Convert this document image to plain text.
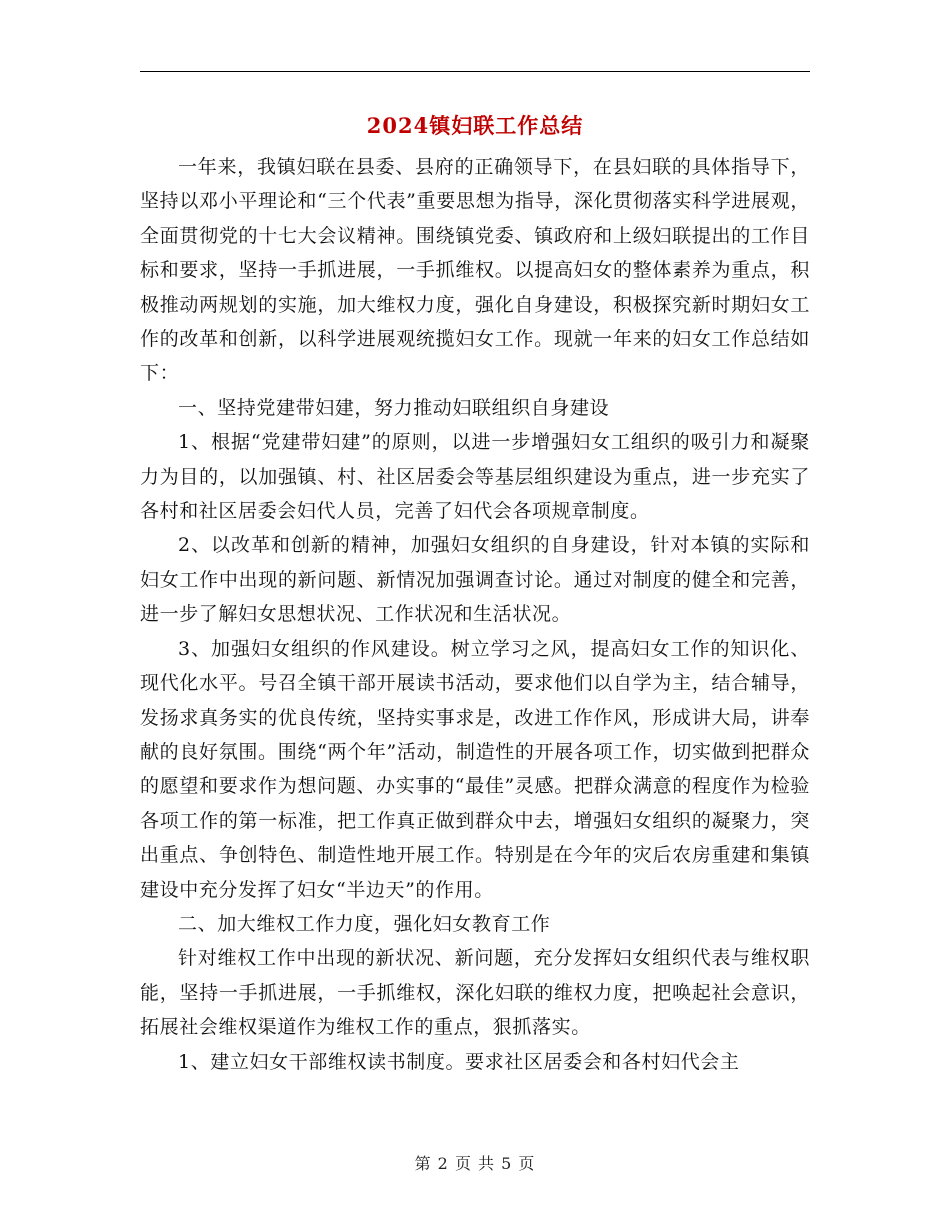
2024镇妇联工作总结

一年来，我镇妇联在县委、县府的正确领导下，在县妇联的具体指导下，坚持以邓小平理论和“三个代表”重要思想为指导，深化贯彻落实科学进展观，全面贯彻党的十七大会议精神。围绕镇党委、镇政府和上级妇联提出的工作目标和要求，坚持一手抓进展，一手抓维权。以提高妇女的整体素养为重点，积极推动两规划的实施，加大维权力度，强化自身建设，积极探究新时期妇女工作的改革和创新，以科学进展观统揽妇女工作。现就一年来的妇女工作总结如下：

一、坚持党建带妇建，努力推动妇联组织自身建设

1、根据“党建带妇建”的原则，以进一步增强妇女工组织的吸引力和凝聚力为目的，以加强镇、村、社区居委会等基层组织建设为重点，进一步充实了各村和社区居委会妇代人员，完善了妇代会各项规章制度。

2、以改革和创新的精神，加强妇女组织的自身建设，针对本镇的实际和妇女工作中出现的新问题、新情况加强调查讨论。通过对制度的健全和完善，进一步了解妇女思想状况、工作状况和生活状况。

3、加强妇女组织的作风建设。树立学习之风，提高妇女工作的知识化、现代化水平。号召全镇干部开展读书活动，要求他们以自学为主，结合辅导，发扬求真务实的优良传统，坚持实事求是，改进工作作风，形成讲大局，讲奉献的良好氛围。围绕“两个年”活动，制造性的开展各项工作，切实做到把群众的愿望和要求作为想问题、办实事的“最佳”灵感。把群众满意的程度作为检验各项工作的第一标准，把工作真正做到群众中去，增强妇女组织的凝聚力，突出重点、争创特色、制造性地开展工作。特别是在今年的灾后农房重建和集镇建设中充分发挥了妇女“半边天”的作用。

二、加大维权工作力度，强化妇女教育工作

针对维权工作中出现的新状况、新问题，充分发挥妇女组织代表与维权职能，坚持一手抓进展，一手抓维权，深化妇联的维权力度，把唤起社会意识，拓展社会维权渠道作为维权工作的重点，狠抓落实。

1、建立妇女干部维权读书制度。要求社区居委会和各村妇代会主

第 2 页 共 5 页
